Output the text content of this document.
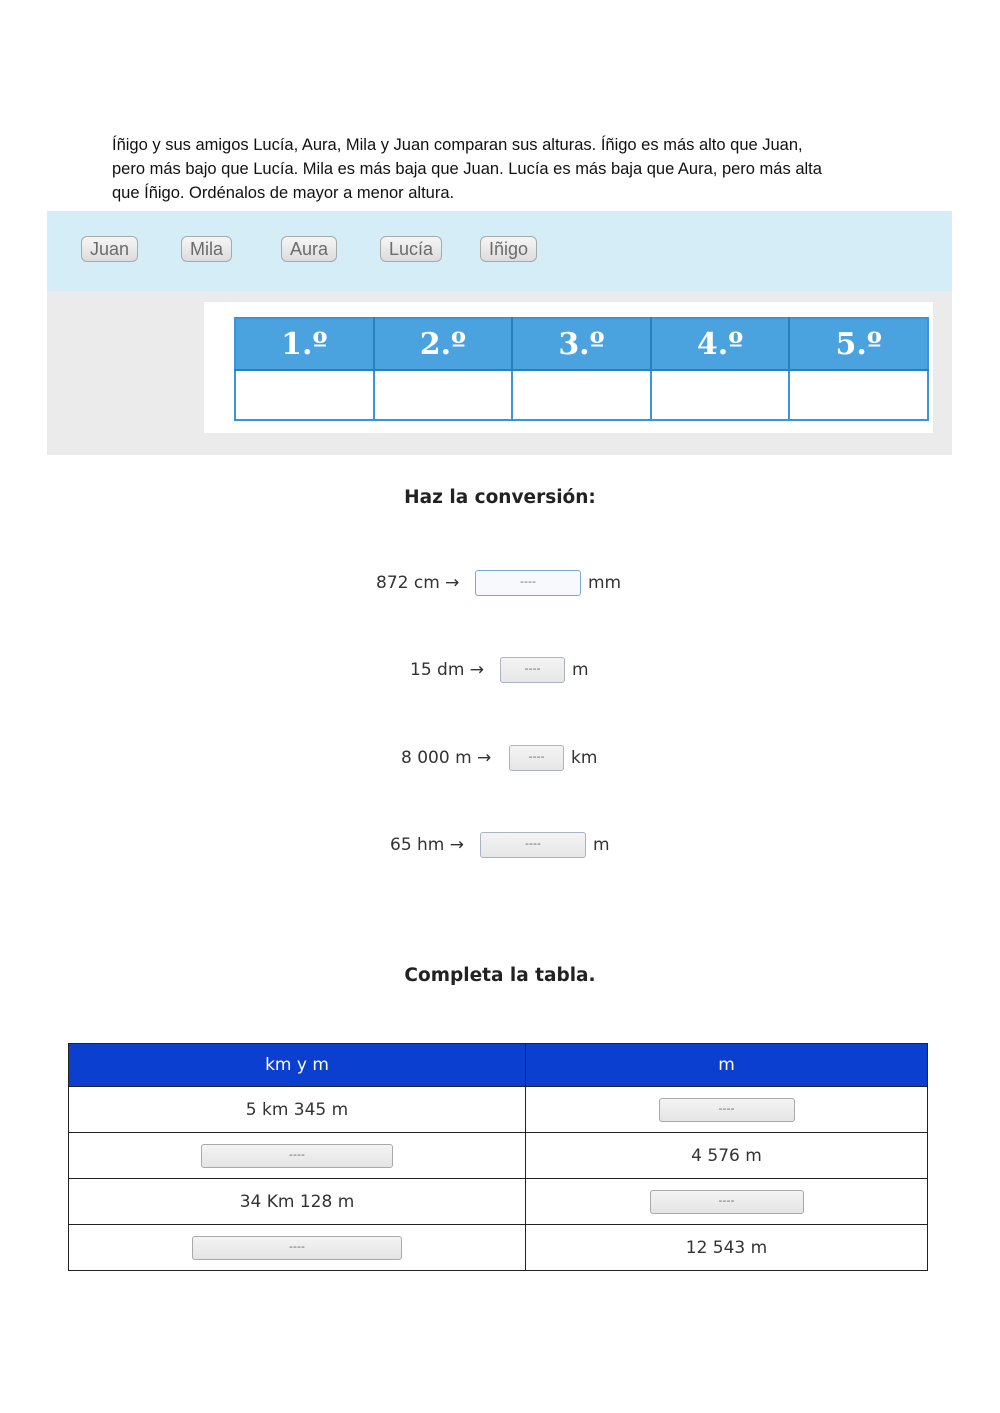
Íñigo y sus amigos Lucía, Aura, Mila y Juan comparan sus alturas. Íñigo es más alto que Juan,

pero más bajo que Lucía. Mila es más baja que Juan. Lucía es más baja que Aura, pero más alta

que Íñigo. Ordénalos de mayor a menor altura.

Juan	Mila	Aura	Lucía	Iñigo
1.º	2.º	3.º	4.º	5.º

Haz la conversión:
872 cm →	----	mm
15 dm →	----	m
8 000 m →	----	km
65 hm →	----	m
Completa la tabla.
km y m	m
5 km 345 m	----
----	4 576 m
34 Km 128 m	----
----	12 543 m
